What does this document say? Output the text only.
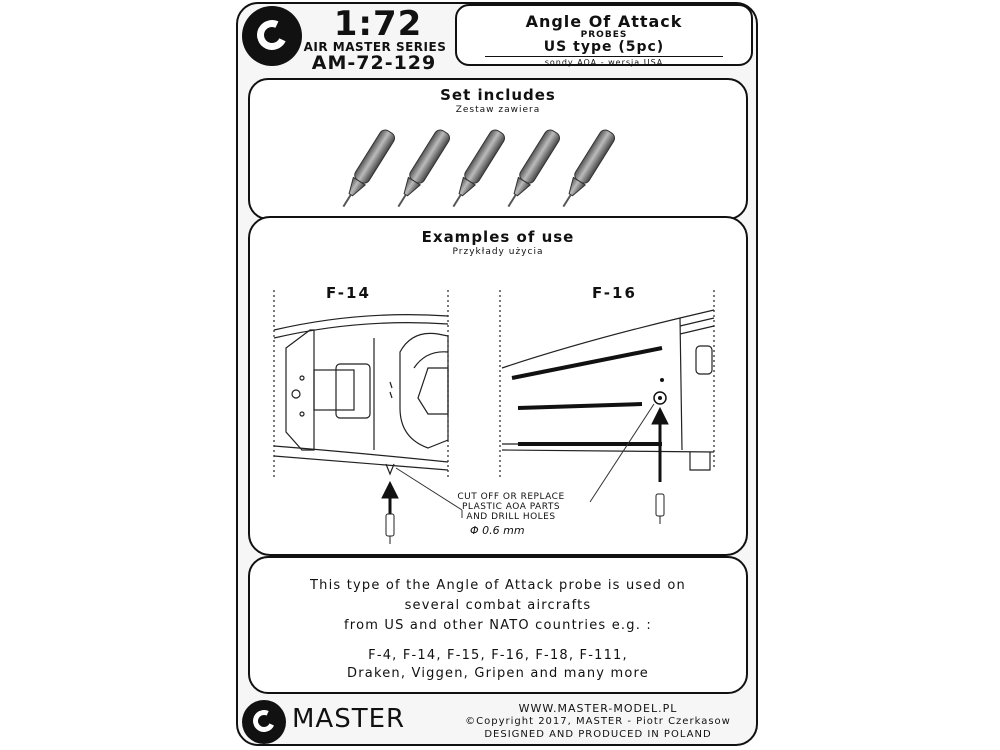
1:72
AIR MASTER SERIES
AM-72-129
Angle Of Attack
PROBES
US type (5pc)
sondy AOA - wersja USA
Set includes
Zestaw zawiera
Examples of use
Przykłady użycia
F-14	F-16
CUT OFF OR REPLACE
PLASTIC AOA PARTS
AND DRILL HOLES
Φ 0.6 mm
This type of the Angle of Attack probe is used on
several combat aircrafts
from US and other NATO countries e.g. :
F-4, F-14, F-15, F-16, F-18, F-111,
Draken, Viggen, Gripen and many more
MASTER	WWW.MASTER-MODEL.PL
©Copyright 2017, MASTER - Piotr Czerkasow
DESIGNED AND PRODUCED IN POLAND
